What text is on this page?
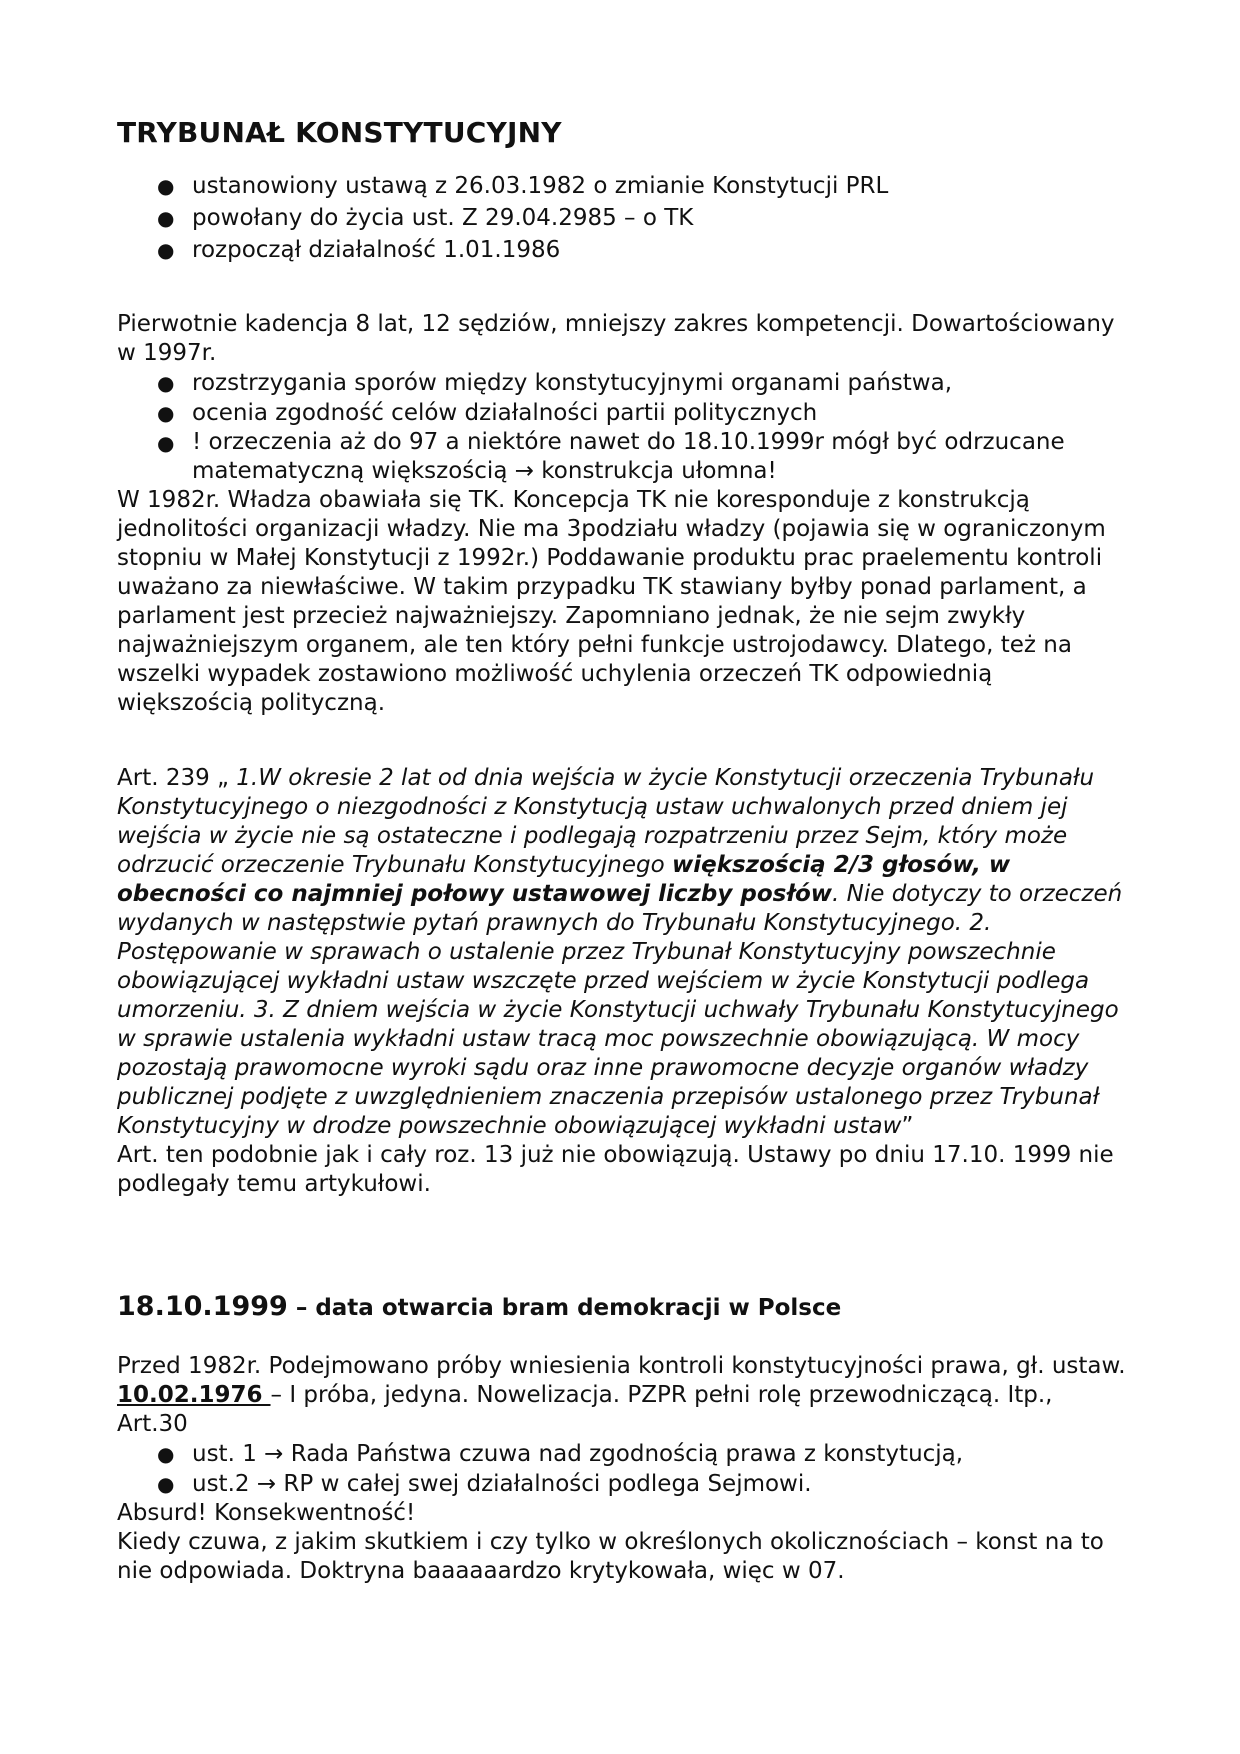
TRYBUNAŁ KONSTYTUCYJNY
● ustanowiony ustawą z 26.03.1982 o zmianie Konstytucji PRL
● powołany do życia ust. Z 29.04.2985 – o TK
● rozpoczął działalność 1.01.1986

Pierwotnie kadencja 8 lat, 12 sędziów, mniejszy zakres kompetencji. Dowartościowany w 1997r.

● rozstrzygania sporów między konstytucyjnymi organami państwa,
● ocenia zgodność celów działalności partii politycznych
● ! orzeczenia aż do 97 a niektóre nawet do 18.10.1999r mógł być odrzucane matematyczną większością → konstrukcja ułomna!

W 1982r. Władza obawiała się TK. Koncepcja TK nie koresponduje z konstrukcją jednolitości organizacji władzy. Nie ma 3podziału władzy (pojawia się w ograniczonym stopniu w Małej Konstytucji z 1992r.) Poddawanie produktu prac praelementu kontroli uważano za niewłaściwe. W takim przypadku TK stawiany byłby ponad parlament, a parlament jest przecież najważniejszy. Zapomniano jednak, że nie sejm zwykły najważniejszym organem, ale ten który pełni funkcje ustrojodawcy. Dlatego, też na wszelki wypadek zostawiono możliwość uchylenia orzeczeń TK odpowiednią większością polityczną.

Art. 239 „ 1.W okresie 2 lat od dnia wejścia w życie Konstytucji orzeczenia Trybunału Konstytucyjnego o niezgodności z Konstytucją ustaw uchwalonych przed dniem jej wejścia w życie nie są ostateczne i podlegają rozpatrzeniu przez Sejm, który może odrzucić orzeczenie Trybunału Konstytucyjnego większością 2/3 głosów, w obecności co najmniej połowy ustawowej liczby posłów. Nie dotyczy to orzeczeń wydanych w następstwie pytań prawnych do Trybunału Konstytucyjnego. 2. Postępowanie w sprawach o ustalenie przez Trybunał Konstytucyjny powszechnie obowiązującej wykładni ustaw wszczęte przed wejściem w życie Konstytucji podlega umorzeniu. 3. Z dniem wejścia w życie Konstytucji uchwały Trybunału Konstytucyjnego w sprawie ustalenia wykładni ustaw tracą moc powszechnie obowiązującą. W mocy pozostają prawomocne wyroki sądu oraz inne prawomocne decyzje organów władzy publicznej podjęte z uwzględnieniem znaczenia przepisów ustalonego przez Trybunał Konstytucyjny w drodze powszechnie obowiązującej wykładni ustaw”

Art. ten podobnie jak i cały roz. 13 już nie obowiązują. Ustawy po dniu 17.10. 1999 nie podlegały temu artykułowi.

18.10.1999 – data otwarcia bram demokracji w Polsce

Przed 1982r. Podejmowano próby wniesienia kontroli konstytucyjności prawa, gł. ustaw.

10.02.1976 – I próba, jedyna. Nowelizacja. PZPR pełni rolę przewodniczącą. Itp., Art.30

● ust. 1 → Rada Państwa czuwa nad zgodnością prawa z konstytucją,
● ust.2 → RP w całej swej działalności podlega Sejmowi.

Absurd! Konsekwentność!

Kiedy czuwa, z jakim skutkiem i czy tylko w określonych okolicznościach – konst na to nie odpowiada. Doktryna baaaaaardzo krytykowała, więc w 07.
